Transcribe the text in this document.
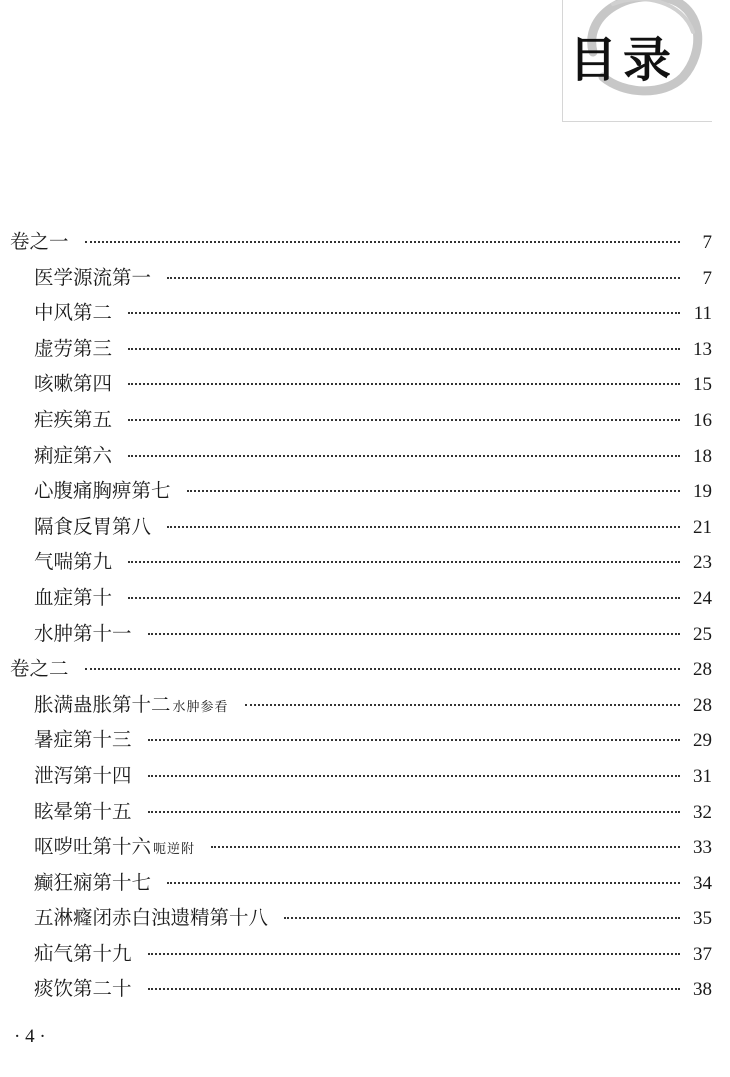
目录
卷之一	7
医学源流第一	7
中风第二	11
虚劳第三	13
咳嗽第四	15
疟疾第五	16
痢症第六	18
心腹痛胸痹第七	19
隔食反胃第八	21
气喘第九	23
血症第十	24
水肿第十一	25
卷之二	28
胀满蛊胀第十二 水肿参看	28
暑症第十三	29
泄泻第十四	31
眩晕第十五	32
呕哕吐第十六 呃逆附	33
癫狂痫第十七	34
五淋癃闭赤白浊遗精第十八	35
疝气第十九	37
痰饮第二十	38
· 4 ·
